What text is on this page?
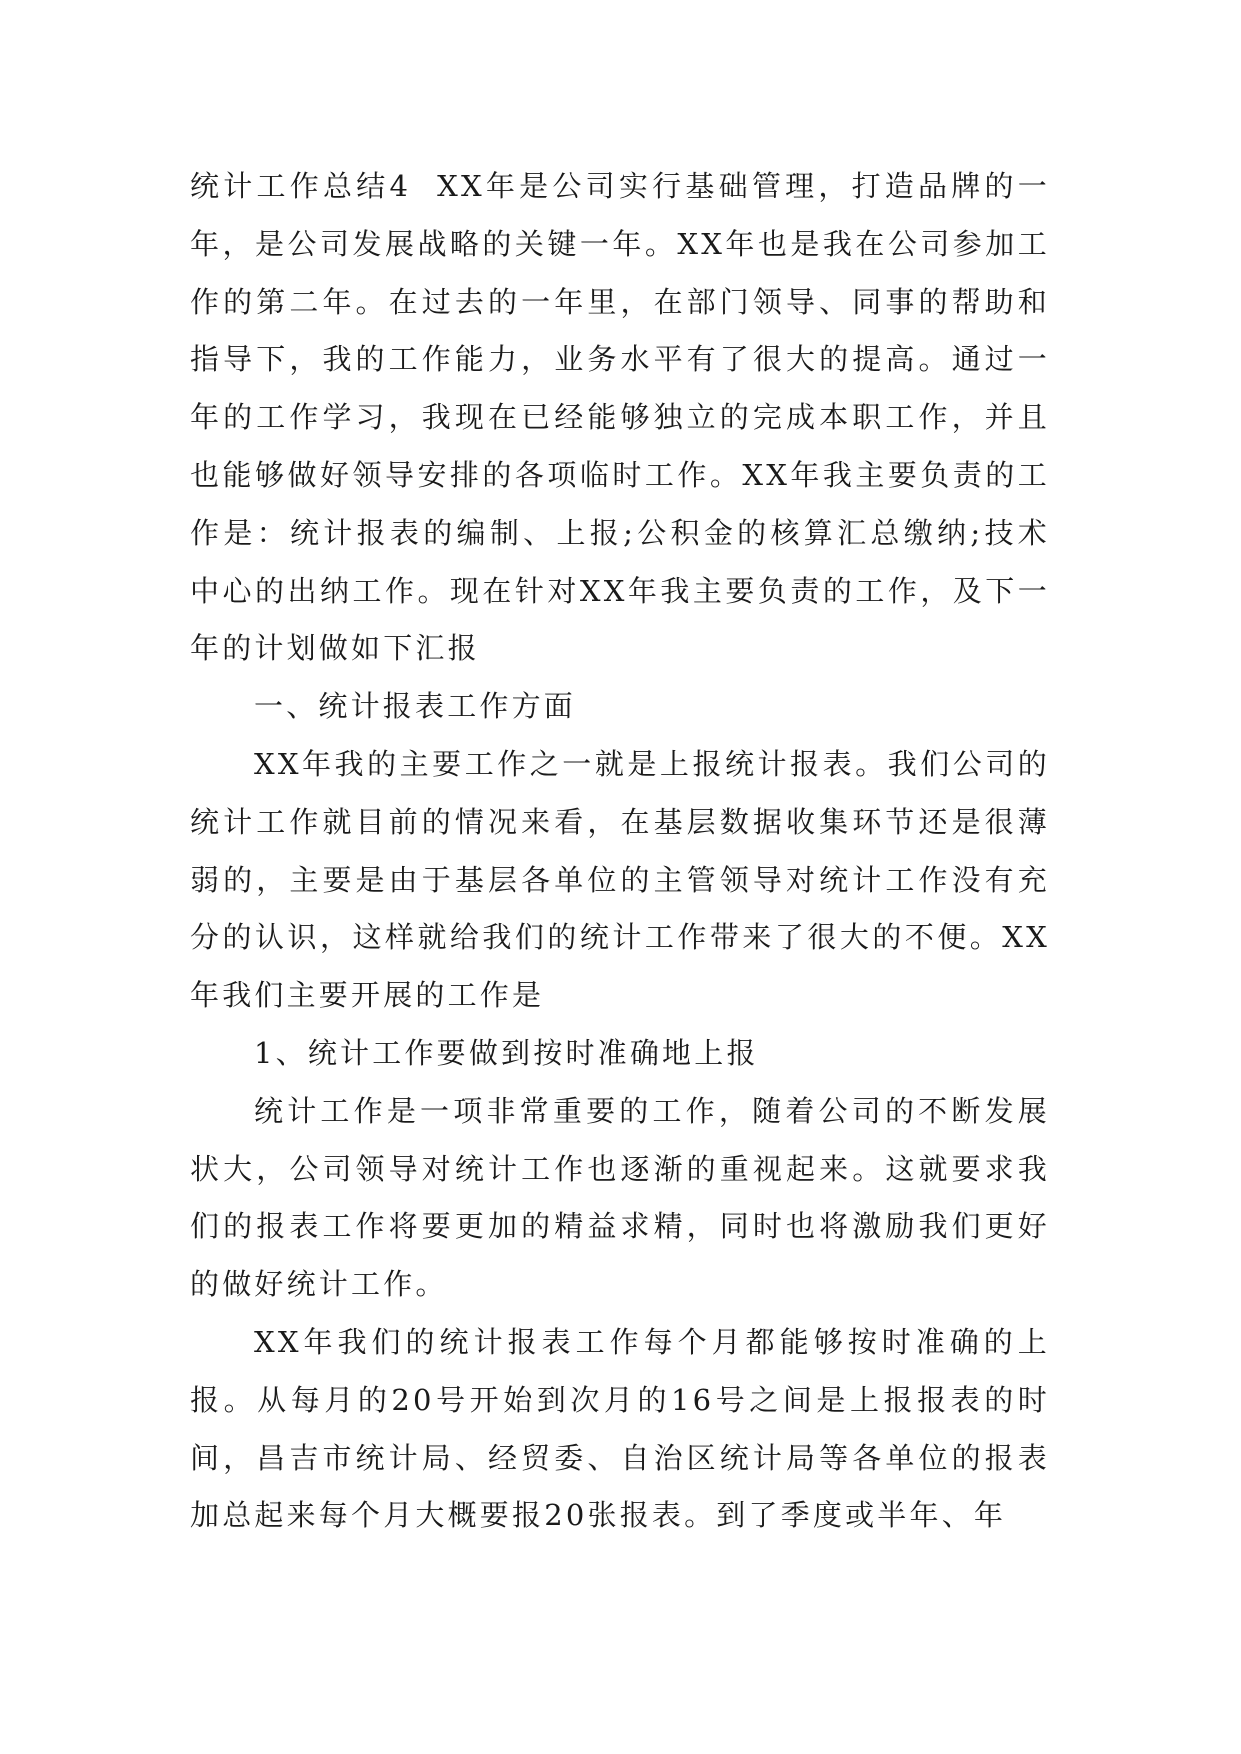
统计工作总结4 XX年是公司实行基础管理，打造品牌的一年，是公司发展战略的关键一年。XX年也是我在公司参加工作的第二年。在过去的一年里，在部门领导、同事的帮助和指导下，我的工作能力，业务水平有了很大的提高。通过一年的工作学习，我现在已经能够独立的完成本职工作，并且也能够做好领导安排的各项临时工作。XX年我主要负责的工作是：统计报表的编制、上报;公积金的核算汇总缴纳;技术中心的出纳工作。现在针对XX年我主要负责的工作，及下一年的计划做如下汇报

一、统计报表工作方面

XX年我的主要工作之一就是上报统计报表。我们公司的统计工作就目前的情况来看，在基层数据收集环节还是很薄弱的，主要是由于基层各单位的主管领导对统计工作没有充分的认识，这样就给我们的统计工作带来了很大的不便。XX年我们主要开展的工作是

1、统计工作要做到按时准确地上报

统计工作是一项非常重要的工作，随着公司的不断发展状大，公司领导对统计工作也逐渐的重视起来。这就要求我们的报表工作将要更加的精益求精，同时也将激励我们更好的做好统计工作。

XX年我们的统计报表工作每个月都能够按时准确的上报。从每月的20号开始到次月的16号之间是上报报表的时间，昌吉市统计局、经贸委、自治区统计局等各单位的报表加总起来每个月大概要报20张报表。到了季度或半年、年
